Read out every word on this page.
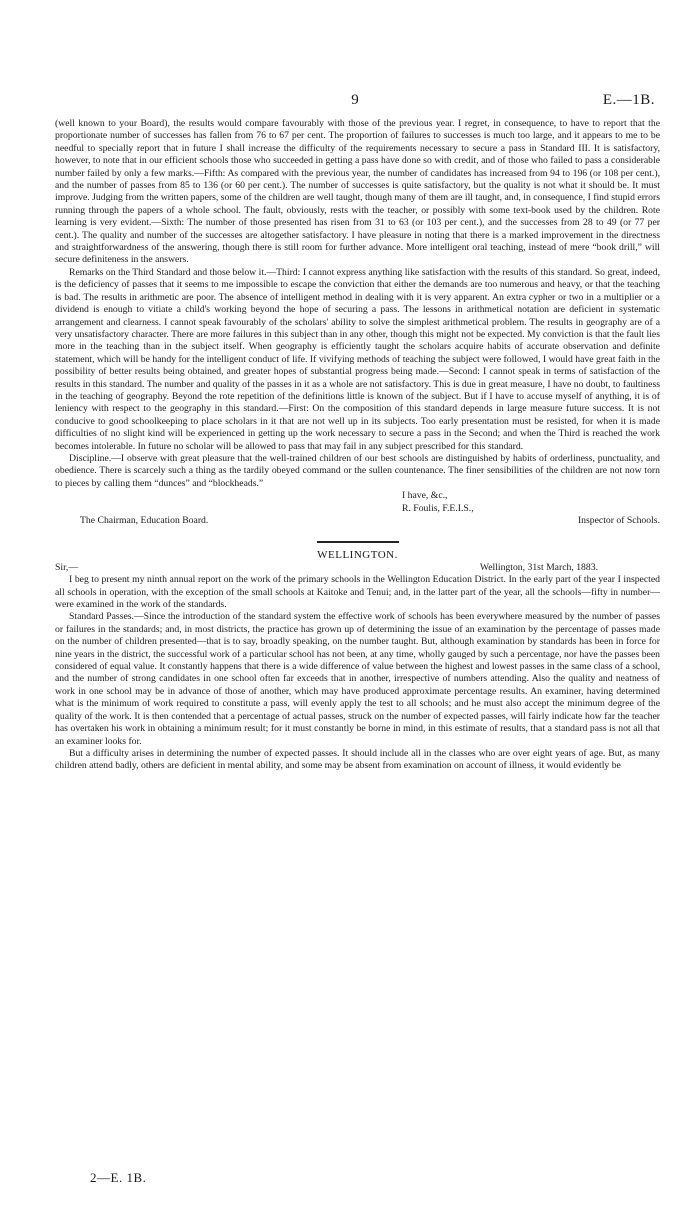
9	E.—1B.

(well known to your Board), the results would compare favourably with those of the previous year. I regret, in consequence, to have to report that the proportionate number of successes has fallen from 76 to 67 per cent. The proportion of failures to successes is much too large, and it appears to me to be needful to specially report that in future I shall increase the difficulty of the requirements necessary to secure a pass in Standard III. It is satisfactory, however, to note that in our efficient schools those who succeeded in getting a pass have done so with credit, and of those who failed to pass a considerable number failed by only a few marks.—Fifth: As compared with the previous year, the number of candidates has increased from 94 to 196 (or 108 per cent.), and the number of passes from 85 to 136 (or 60 per cent.). The number of successes is quite satisfactory, but the quality is not what it should be. It must improve. Judging from the written papers, some of the children are well taught, though many of them are ill taught, and, in consequence, I find stupid errors running through the papers of a whole school. The fault, obviously, rests with the teacher, or possibly with some text-book used by the children. Rote learning is very evident.—Sixth: The number of those presented has risen from 31 to 63 (or 103 per cent.), and the successes from 28 to 49 (or 77 per cent.). The quality and number of the successes are altogether satisfactory. I have pleasure in noting that there is a marked improvement in the directness and straightforwardness of the answering, though there is still room for further advance. More intelligent oral teaching, instead of mere “book drill,” will secure definiteness in the answers.

Remarks on the Third Standard and those below it.—Third: I cannot express anything like satisfaction with the results of this standard. So great, indeed, is the deficiency of passes that it seems to me impossible to escape the conviction that either the demands are too numerous and heavy, or that the teaching is bad. The results in arithmetic are poor. The absence of intelligent method in dealing with it is very apparent. An extra cypher or two in a multiplier or a dividend is enough to vitiate a child's working beyond the hope of securing a pass. The lessons in arithmetical notation are deficient in systematic arrangement and clearness. I cannot speak favourably of the scholars' ability to solve the simplest arithmetical problem. The results in geography are of a very unsatisfactory character. There are more failures in this subject than in any other, though this might not be expected. My conviction is that the fault lies more in the teaching than in the subject itself. When geography is efficiently taught the scholars acquire habits of accurate observation and definite statement, which will be handy for the intelligent conduct of life. If vivifying methods of teaching the subject were followed, I would have great faith in the possibility of better results being obtained, and greater hopes of substantial progress being made.—Second: I cannot speak in terms of satisfaction of the results in this standard. The number and quality of the passes in it as a whole are not satisfactory. This is due in great measure, I have no doubt, to faultiness in the teaching of geography. Beyond the rote repetition of the definitions little is known of the subject. But if I have to accuse myself of anything, it is of leniency with respect to the geography in this standard.—First: On the composition of this standard depends in large measure future success. It is not conducive to good schoolkeeping to place scholars in it that are not well up in its subjects. Too early presentation must be resisted, for when it is made difficulties of no slight kind will be experienced in getting up the work necessary to secure a pass in the Second; and when the Third is reached the work becomes intolerable. In future no scholar will be allowed to pass that may fail in any subject prescribed for this standard.

Discipline.—I observe with great pleasure that the well-trained children of our best schools are distinguished by habits of orderliness, punctuality, and obedience. There is scarcely such a thing as the tardily obeyed command or the sullen countenance. The finer sensibilities of the children are not now torn to pieces by calling them “dunces” and “blockheads.”

I have, &c.,

R. Foulis, F.E.I.S.,

The Chairman, Education Board.	Inspector of Schools.
WELLINGTON.
Sir,—	Wellington, 31st March, 1883.

I beg to present my ninth annual report on the work of the primary schools in the Wellington Education District. In the early part of the year I inspected all schools in operation, with the exception of the small schools at Kaitoke and Tenui; and, in the latter part of the year, all the schools—fifty in number—were examined in the work of the standards.

Standard Passes.—Since the introduction of the standard system the effective work of schools has been everywhere measured by the number of passes or failures in the standards; and, in most districts, the practice has grown up of determining the issue of an examination by the percentage of passes made on the number of children presented—that is to say, broadly speaking, on the number taught. But, although examination by standards has been in force for nine years in the district, the successful work of a particular school has not been, at any time, wholly gauged by such a percentage, nor have the passes been considered of equal value. It constantly happens that there is a wide difference of value between the highest and lowest passes in the same class of a school, and the number of strong candidates in one school often far exceeds that in another, irrespective of numbers attending. Also the quality and neatness of work in one school may be in advance of those of another, which may have produced approximate percentage results. An examiner, having determined what is the minimum of work required to constitute a pass, will evenly apply the test to all schools; and he must also accept the minimum degree of the quality of the work. It is then contended that a percentage of actual passes, struck on the number of expected passes, will fairly indicate how far the teacher has overtaken his work in obtaining a minimum result; for it must constantly be borne in mind, in this estimate of results, that a standard pass is not all that an examiner looks for.

But a difficulty arises in determining the number of expected passes. It should include all in the classes who are over eight years of age. But, as many children attend badly, others are deficient in mental ability, and some may be absent from examination on account of illness, it would evidently be

2—E. 1B.
